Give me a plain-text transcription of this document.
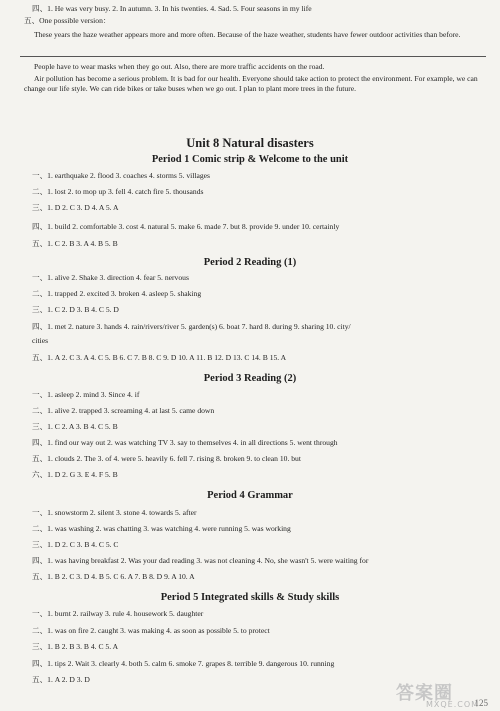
四、1. He was very busy. 2. In autumn. 3. In his twenties. 4. Sad. 5. Four seasons in my life
五、One possible version：
These years the haze weather appears more and more often. Because of the haze weather, students have fewer outdoor activities than before.
People have to wear masks when they go out. Also, there are more traffic accidents on the road.
Air pollution has become a serious problem. It is bad for our health. Everyone should take action to protect the environment. For example, we can change our life style. We can ride bikes or take buses when we go out. I plan to plant more trees in the future.
Unit 8 Natural disasters
Period 1 Comic strip & Welcome to the unit
一、1. earthquake 2. flood 3. coaches 4. storms 5. villages
二、1. lost 2. to mop up 3. fell 4. catch fire 5. thousands
三、1. D 2. C 3. D 4. A 5. A
四、1. build 2. comfortable 3. cost 4. natural 5. make 6. made 7. but 8. provide 9. under 10. certainly
五、1. C 2. B 3. A 4. B 5. B
Period 2 Reading (1)
一、1. alive 2. Shake 3. direction 4. fear 5. nervous
二、1. trapped 2. excited 3. broken 4. asleep 5. shaking
三、1. C 2. D 3. B 4. C 5. D
四、1. met 2. nature 3. hands 4. rain/rivers/river 5. garden(s) 6. boat 7. hard 8. during 9. sharing 10. city/
cities
五、1. A 2. C 3. A 4. C 5. B 6. C 7. B 8. C 9. D 10. A 11. B 12. D 13. C 14. B 15. A
Period 3 Reading (2)
一、1. asleep 2. mind 3. Since 4. if
二、1. alive 2. trapped 3. screaming 4. at last 5. came down
三、1. C 2. A 3. B 4. C 5. B
四、1. find our way out 2. was watching TV 3. say to themselves 4. in all directions 5. went through
五、1. clouds 2. The 3. of 4. were 5. heavily 6. fell 7. rising 8. broken 9. to clean 10. but
六、1. D 2. G 3. E 4. F 5. B
Period 4 Grammar
一、1. snowstorm 2. silent 3. stone 4. towards 5. after
二、1. was washing 2. was chatting 3. was watching 4. were running 5. was working
三、1. D 2. C 3. B 4. C 5. C
四、1. was having breakfast 2. Was your dad reading 3. was not cleaning 4. No, she wasn't 5. were waiting for
五、1. B 2. C 3. D 4. B 5. C 6. A 7. B 8. D 9. A 10. A
Period 5 Integrated skills & Study skills
一、1. burnt 2. railway 3. rule 4. housework 5. daughter
二、1. was on fire 2. caught 3. was making 4. as soon as possible 5. to protect
三、1. B 2. B 3. B 4. C 5. A
四、1. tips 2. Wait 3. clearly 4. both 5. calm 6. smoke 7. grapes 8. terrible 9. dangerous 10. running
五、1. A 2. D 3. D
答案圈
MXQE.COM
125
